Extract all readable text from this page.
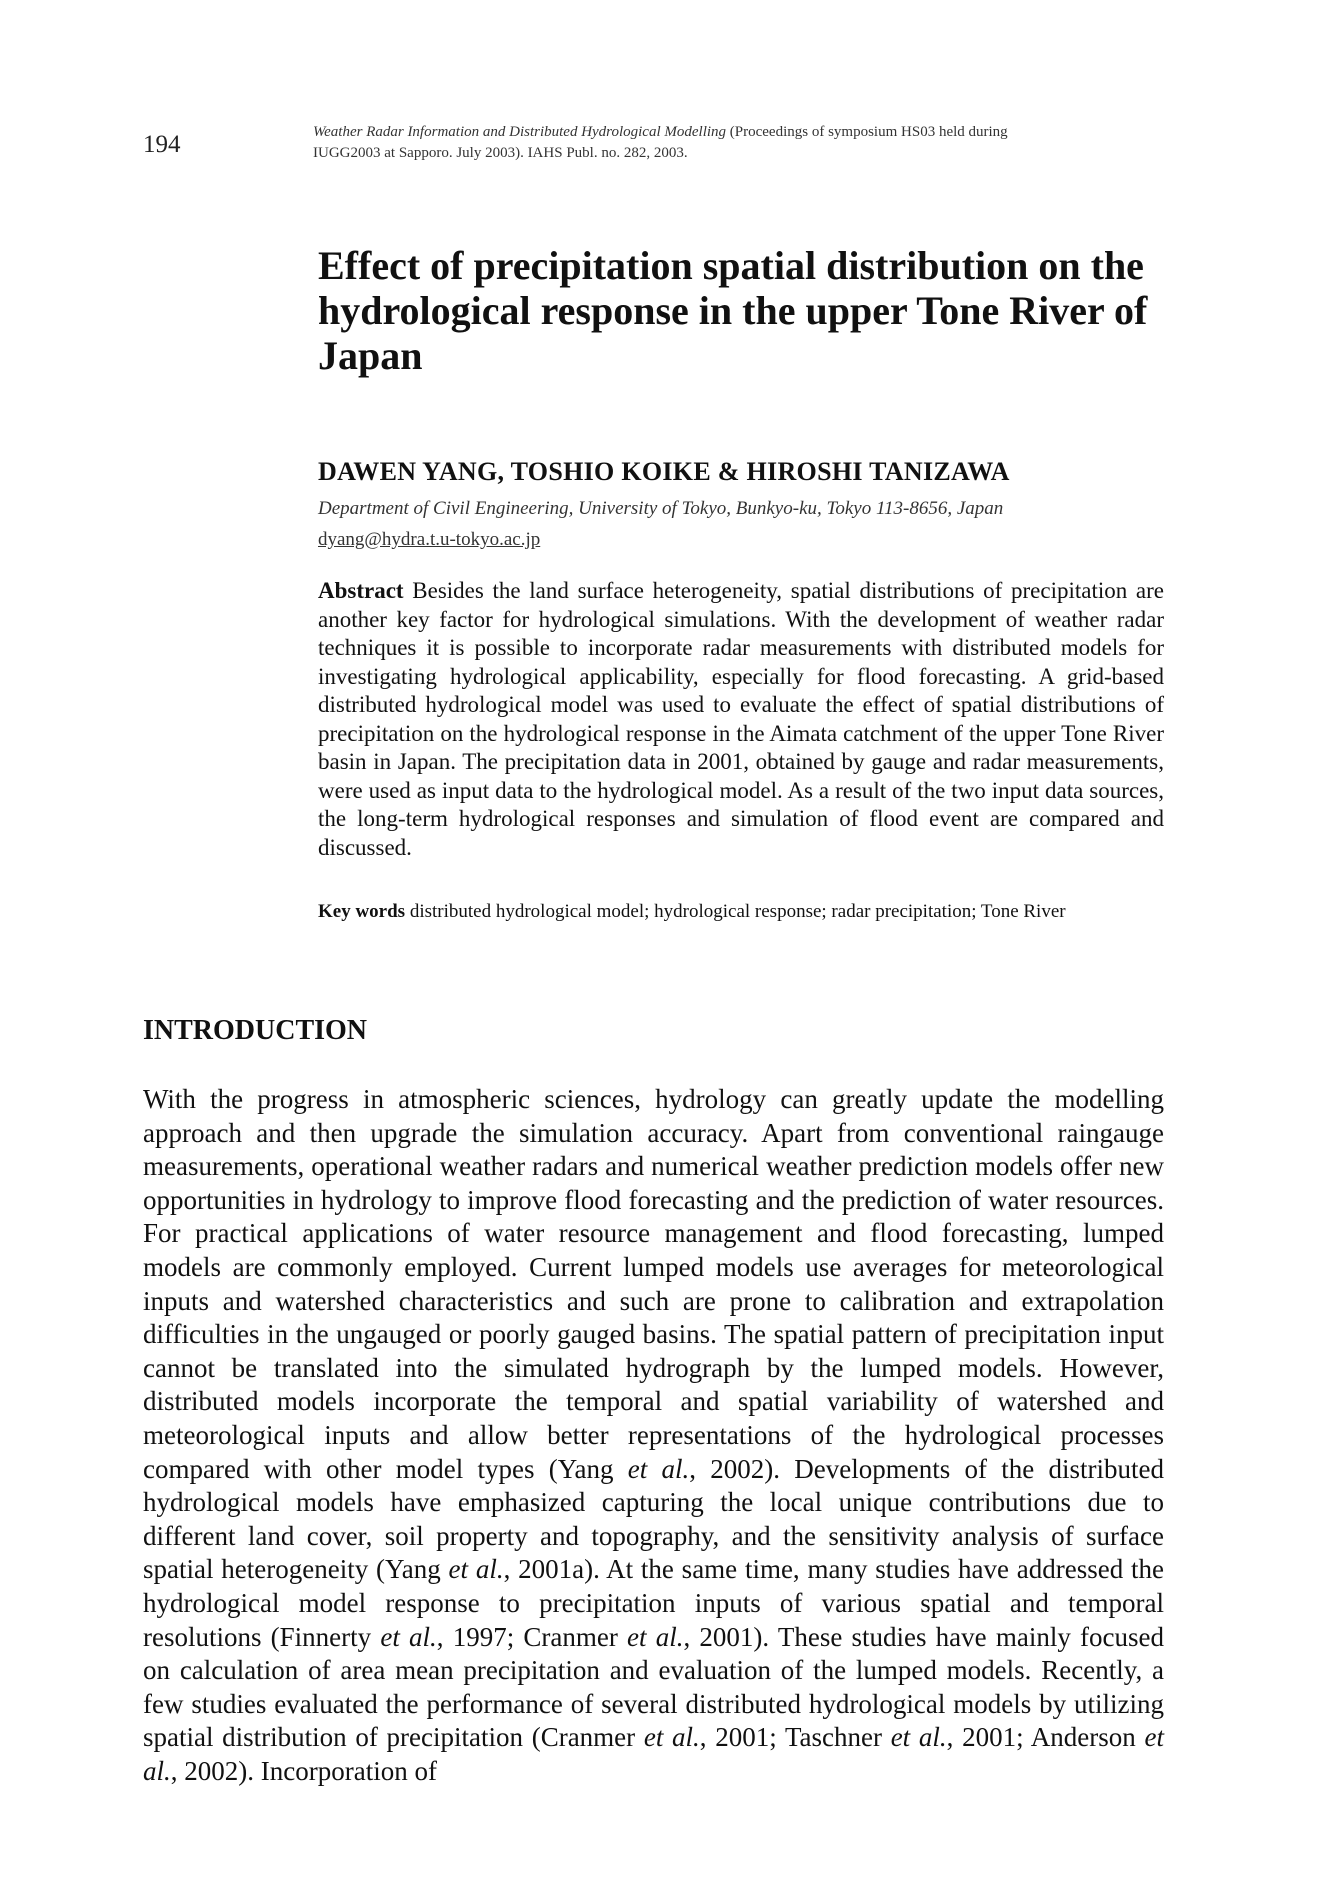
194	Weather Radar Information and Distributed Hydrological Modelling (Proceedings of symposium HS03 held during IUGG2003 at Sapporo. July 2003). IAHS Publ. no. 282, 2003.
Effect of precipitation spatial distribution on the hydrological response in the upper Tone River of Japan
DAWEN YANG, TOSHIO KOIKE & HIROSHI TANIZAWA
Department of Civil Engineering, University of Tokyo, Bunkyo-ku, Tokyo 113-8656, Japan
dyang@hydra.t.u-tokyo.ac.jp
Abstract Besides the land surface heterogeneity, spatial distributions of precipitation are another key factor for hydrological simulations. With the development of weather radar techniques it is possible to incorporate radar measurements with distributed models for investigating hydrological applicability, especially for flood forecasting. A grid-based distributed hydrological model was used to evaluate the effect of spatial distributions of precipitation on the hydrological response in the Aimata catchment of the upper Tone River basin in Japan. The precipitation data in 2001, obtained by gauge and radar measurements, were used as input data to the hydrological model. As a result of the two input data sources, the long-term hydrological responses and simulation of flood event are compared and discussed.
Key words distributed hydrological model; hydrological response; radar precipitation; Tone River
INTRODUCTION
With the progress in atmospheric sciences, hydrology can greatly update the modelling approach and then upgrade the simulation accuracy. Apart from conventional raingauge measurements, operational weather radars and numerical weather prediction models offer new opportunities in hydrology to improve flood forecasting and the prediction of water resources. For practical applications of water resource management and flood forecasting, lumped models are commonly employed. Current lumped models use averages for meteorological inputs and watershed characteristics and such are prone to calibration and extrapolation difficulties in the ungauged or poorly gauged basins. The spatial pattern of precipitation input cannot be translated into the simulated hydrograph by the lumped models. However, distributed models incorporate the temporal and spatial variability of watershed and meteorological inputs and allow better representations of the hydrological processes compared with other model types (Yang et al., 2002). Developments of the distributed hydrological models have emphasized capturing the local unique contributions due to different land cover, soil property and topography, and the sensitivity analysis of surface spatial heterogeneity (Yang et al., 2001a). At the same time, many studies have addressed the hydrological model response to precipitation inputs of various spatial and temporal resolutions (Finnerty et al., 1997; Cranmer et al., 2001). These studies have mainly focused on calculation of area mean precipitation and evaluation of the lumped models. Recently, a few studies evaluated the performance of several distributed hydrological models by utilizing spatial distribution of precipitation (Cranmer et al., 2001; Taschner et al., 2001; Anderson et al., 2002). Incorporation of
